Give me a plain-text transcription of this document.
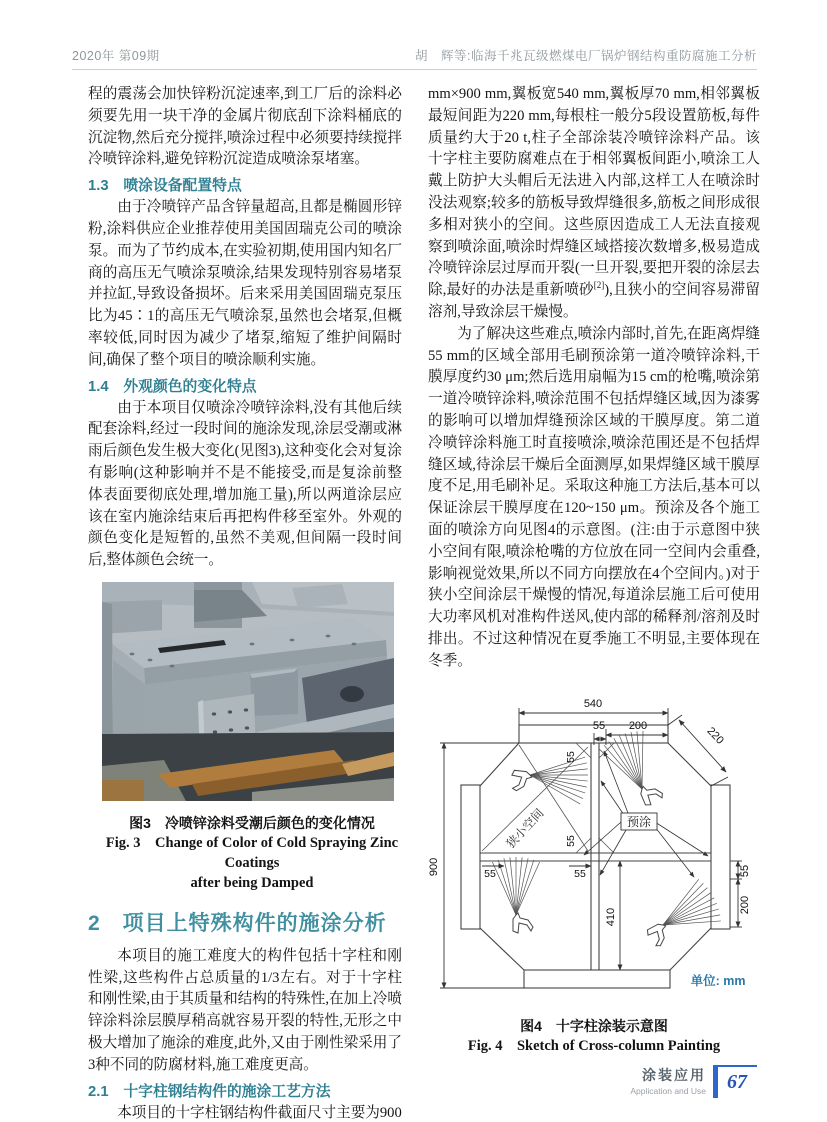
2020年 第09期	胡　辉等:临海千兆瓦级燃煤电厂锅炉钢结构重防腐施工分析

程的震荡会加快锌粉沉淀速率,到工厂后的涂料必须要先用一块干净的金属片彻底刮下涂料桶底的沉淀物,然后充分搅拌,喷涂过程中必须要持续搅拌冷喷锌涂料,避免锌粉沉淀造成喷涂泵堵塞。

1.3　喷涂设备配置特点

由于冷喷锌产品含锌量超高,且都是椭圆形锌粉,涂料供应企业推荐使用美国固瑞克公司的喷涂泵。而为了节约成本,在实验初期,使用国内知名厂商的高压无气喷涂泵喷涂,结果发现特别容易堵泵并拉缸,导致设备损坏。后来采用美国固瑞克泵压比为45∶1的高压无气喷涂泵,虽然也会堵泵,但概率较低,同时因为减少了堵泵,缩短了维护间隔时间,确保了整个项目的喷涂顺利实施。

1.4　外观颜色的变化特点

由于本项目仅喷涂冷喷锌涂料,没有其他后续配套涂料,经过一段时间的施涂发现,涂层受潮或淋雨后颜色发生极大变化(见图3),这种变化会对复涂有影响(这种影响并不是不能接受,而是复涂前整体表面要彻底处理,增加施工量),所以两道涂层应该在室内施涂结束后再把构件移至室外。外观的颜色变化是短暂的,虽然不美观,但间隔一段时间后,整体颜色会统一。

图3　冷喷锌涂料受潮后颜色的变化情况
Fig. 3　Change of Color of Cold Spraying Zinc Coatings
after being Damped
2　项目上特殊构件的施涂分析

本项目的施工难度大的构件包括十字柱和刚性梁,这些构件占总质量的1/3左右。对于十字柱和刚性梁,由于其质量和结构的特殊性,在加上冷喷锌涂料涂层膜厚稍高就容易开裂的特性,无形之中极大增加了施涂的难度,此外,又由于刚性梁采用了3种不同的防腐材料,施工难度更高。

2.1　十字柱钢结构件的施涂工艺方法

本项目的十字柱钢结构件截面尺寸主要为900

mm×900 mm,翼板宽540 mm,翼板厚70 mm,相邻翼板最短间距为220 mm,每根柱一般分5段设置筋板,每件质量约大于20 t,柱子全部涂装冷喷锌涂料产品。该十字柱主要防腐难点在于相邻翼板间距小,喷涂工人戴上防护大头帽后无法进入内部,这样工人在喷涂时没法观察;较多的筋板导致焊缝很多,筋板之间形成很多相对狭小的空间。这些原因造成工人无法直接观察到喷涂面,喷涂时焊缝区域搭接次数增多,极易造成冷喷锌涂层过厚而开裂(一旦开裂,要把开裂的涂层去除,最好的办法是重新喷砂[2]),且狭小的空间容易滞留溶剂,导致涂层干燥慢。

为了解决这些难点,喷涂内部时,首先,在距离焊缝55 mm的区域全部用毛刷预涂第一道冷喷锌涂料,干膜厚度约30 μm;然后选用扇幅为15 cm的枪嘴,喷涂第一道冷喷锌涂料,喷涂范围不包括焊缝区域,因为漆雾的影响可以增加焊缝预涂区域的干膜厚度。第二道冷喷锌涂料施工时直接喷涂,喷涂范围还是不包括焊缝区域,待涂层干燥后全面测厚,如果焊缝区域干膜厚度不足,用毛刷补足。采取这种施工方法后,基本可以保证涂层干膜厚度在120~150 μm。预涂及各个施工面的喷涂方向见图4的示意图。(注:由于示意图中狭小空间有限,喷涂枪嘴的方位放在同一空间内会重叠,影响视觉效果,所以不同方向摆放在4个空间内。)对于狭小空间涂层干燥慢的情况,每道涂层施工后可使用大功率风机对准构件送风,使内部的稀释剂/溶剂及时排出。不过这种情况在夏季施工不明显,主要体现在冬季。

540
55 200	220
900
410
55
200
55
55
55	55
狭小空间	预涂
单位: mm
图4　十字柱涂装示意图
Fig. 4　Sketch of Cross-column Painting
涂装应用
Application and Use 67
